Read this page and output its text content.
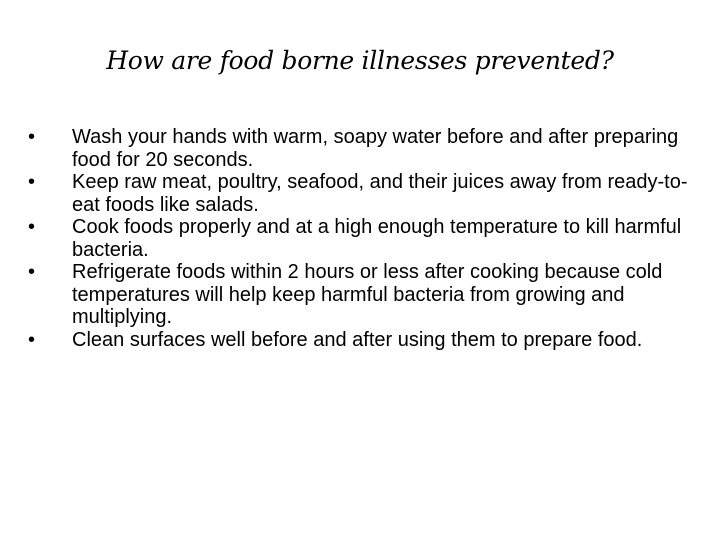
How are food borne illnesses prevented?
•	Wash your hands with warm, soapy water before and after preparing food for 20 seconds.
•	Keep raw meat, poultry, seafood, and their juices away from ready-to-eat foods like salads.
•	Cook foods properly and at a high enough temperature to kill harmful bacteria.
•	Refrigerate foods within 2 hours or less after cooking because cold temperatures will help keep harmful bacteria from growing and multiplying.
•	Clean surfaces well before and after using them to prepare food.
